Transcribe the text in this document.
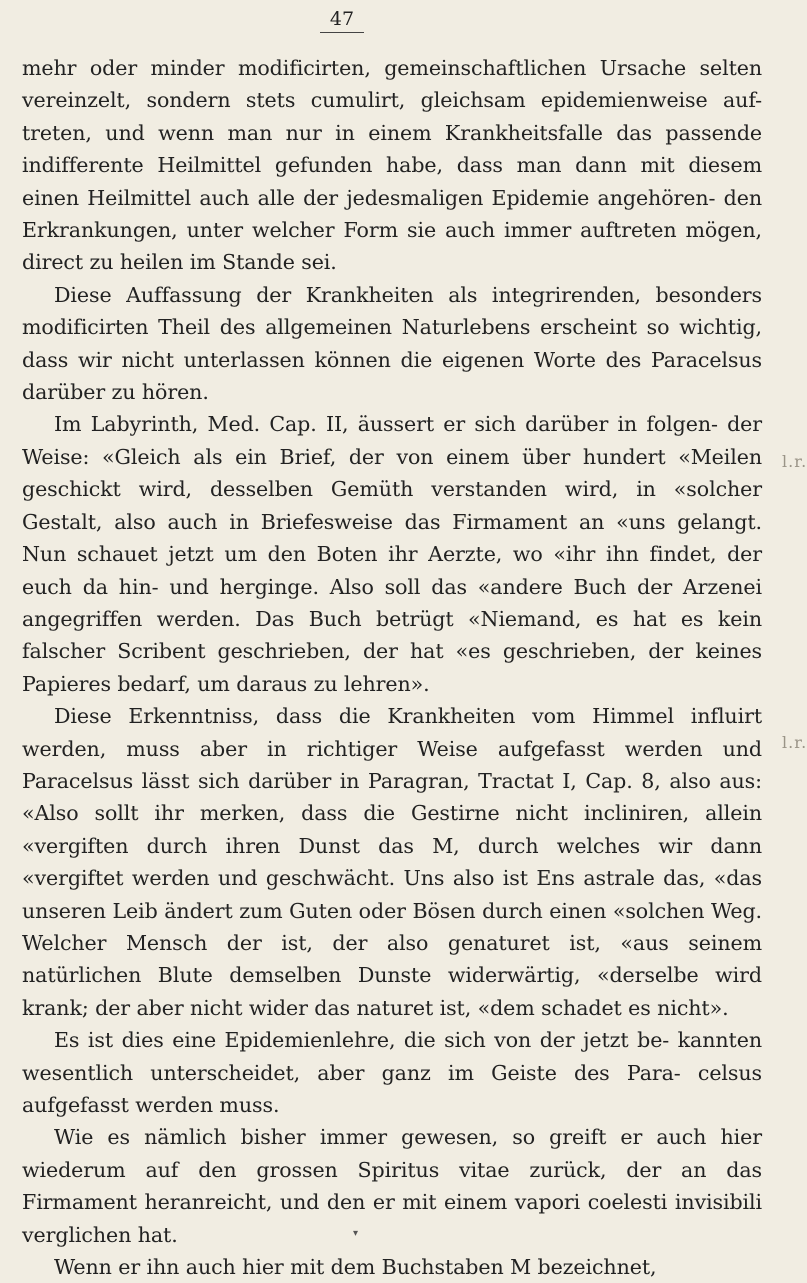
47

mehr oder minder modificirten, gemeinschaftlichen Ursache selten vereinzelt, sondern stets cumulirt, gleichsam epidemienweise auf- treten, und wenn man nur in einem Krankheitsfalle das passende indifferente Heilmittel gefunden habe, dass man dann mit diesem einen Heilmittel auch alle der jedesmaligen Epidemie angehören- den Erkrankungen, unter welcher Form sie auch immer auftreten mögen, direct zu heilen im Stande sei.

Diese Auffassung der Krankheiten als integrirenden, besonders modificirten Theil des allgemeinen Naturlebens erscheint so wichtig, dass wir nicht unterlassen können die eigenen Worte des Paracelsus darüber zu hören.

Im Labyrinth, Med. Cap. II, äussert er sich darüber in folgen- der Weise: «Gleich als ein Brief, der von einem über hundert «Meilen geschickt wird, desselben Gemüth verstanden wird, in «solcher Gestalt, also auch in Briefesweise das Firmament an «uns gelangt. Nun schauet jetzt um den Boten ihr Aerzte, wo «ihr ihn findet, der euch da hin- und herginge. Also soll das «andere Buch der Arzenei angegriffen werden. Das Buch betrügt «Niemand, es hat es kein falscher Scribent geschrieben, der hat «es geschrieben, der keines Papieres bedarf, um daraus zu lehren».

Diese Erkenntniss, dass die Krankheiten vom Himmel influirt werden, muss aber in richtiger Weise aufgefasst werden und Paracelsus lässt sich darüber in Paragran, Tractat I, Cap. 8, also aus: «Also sollt ihr merken, dass die Gestirne nicht incliniren, allein «vergiften durch ihren Dunst das M, durch welches wir dann «vergiftet werden und geschwächt. Uns also ist Ens astrale das, «das unseren Leib ändert zum Guten oder Bösen durch einen «solchen Weg. Welcher Mensch der ist, der also genaturet ist, «aus seinem natürlichen Blute demselben Dunste widerwärtig, «derselbe wird krank; der aber nicht wider das naturet ist, «dem schadet es nicht».

Es ist dies eine Epidemienlehre, die sich von der jetzt be- kannten wesentlich unterscheidet, aber ganz im Geiste des Para- celsus aufgefasst werden muss.

Wie es nämlich bisher immer gewesen, so greift er auch hier wiederum auf den grossen Spiritus vitae zurück, der an das Firmament heranreicht, und den er mit einem vapori coelesti invisibili verglichen hat.

Wenn er ihn auch hier mit dem Buchstaben M bezeichnet,

l.r.
l.r.
▾
